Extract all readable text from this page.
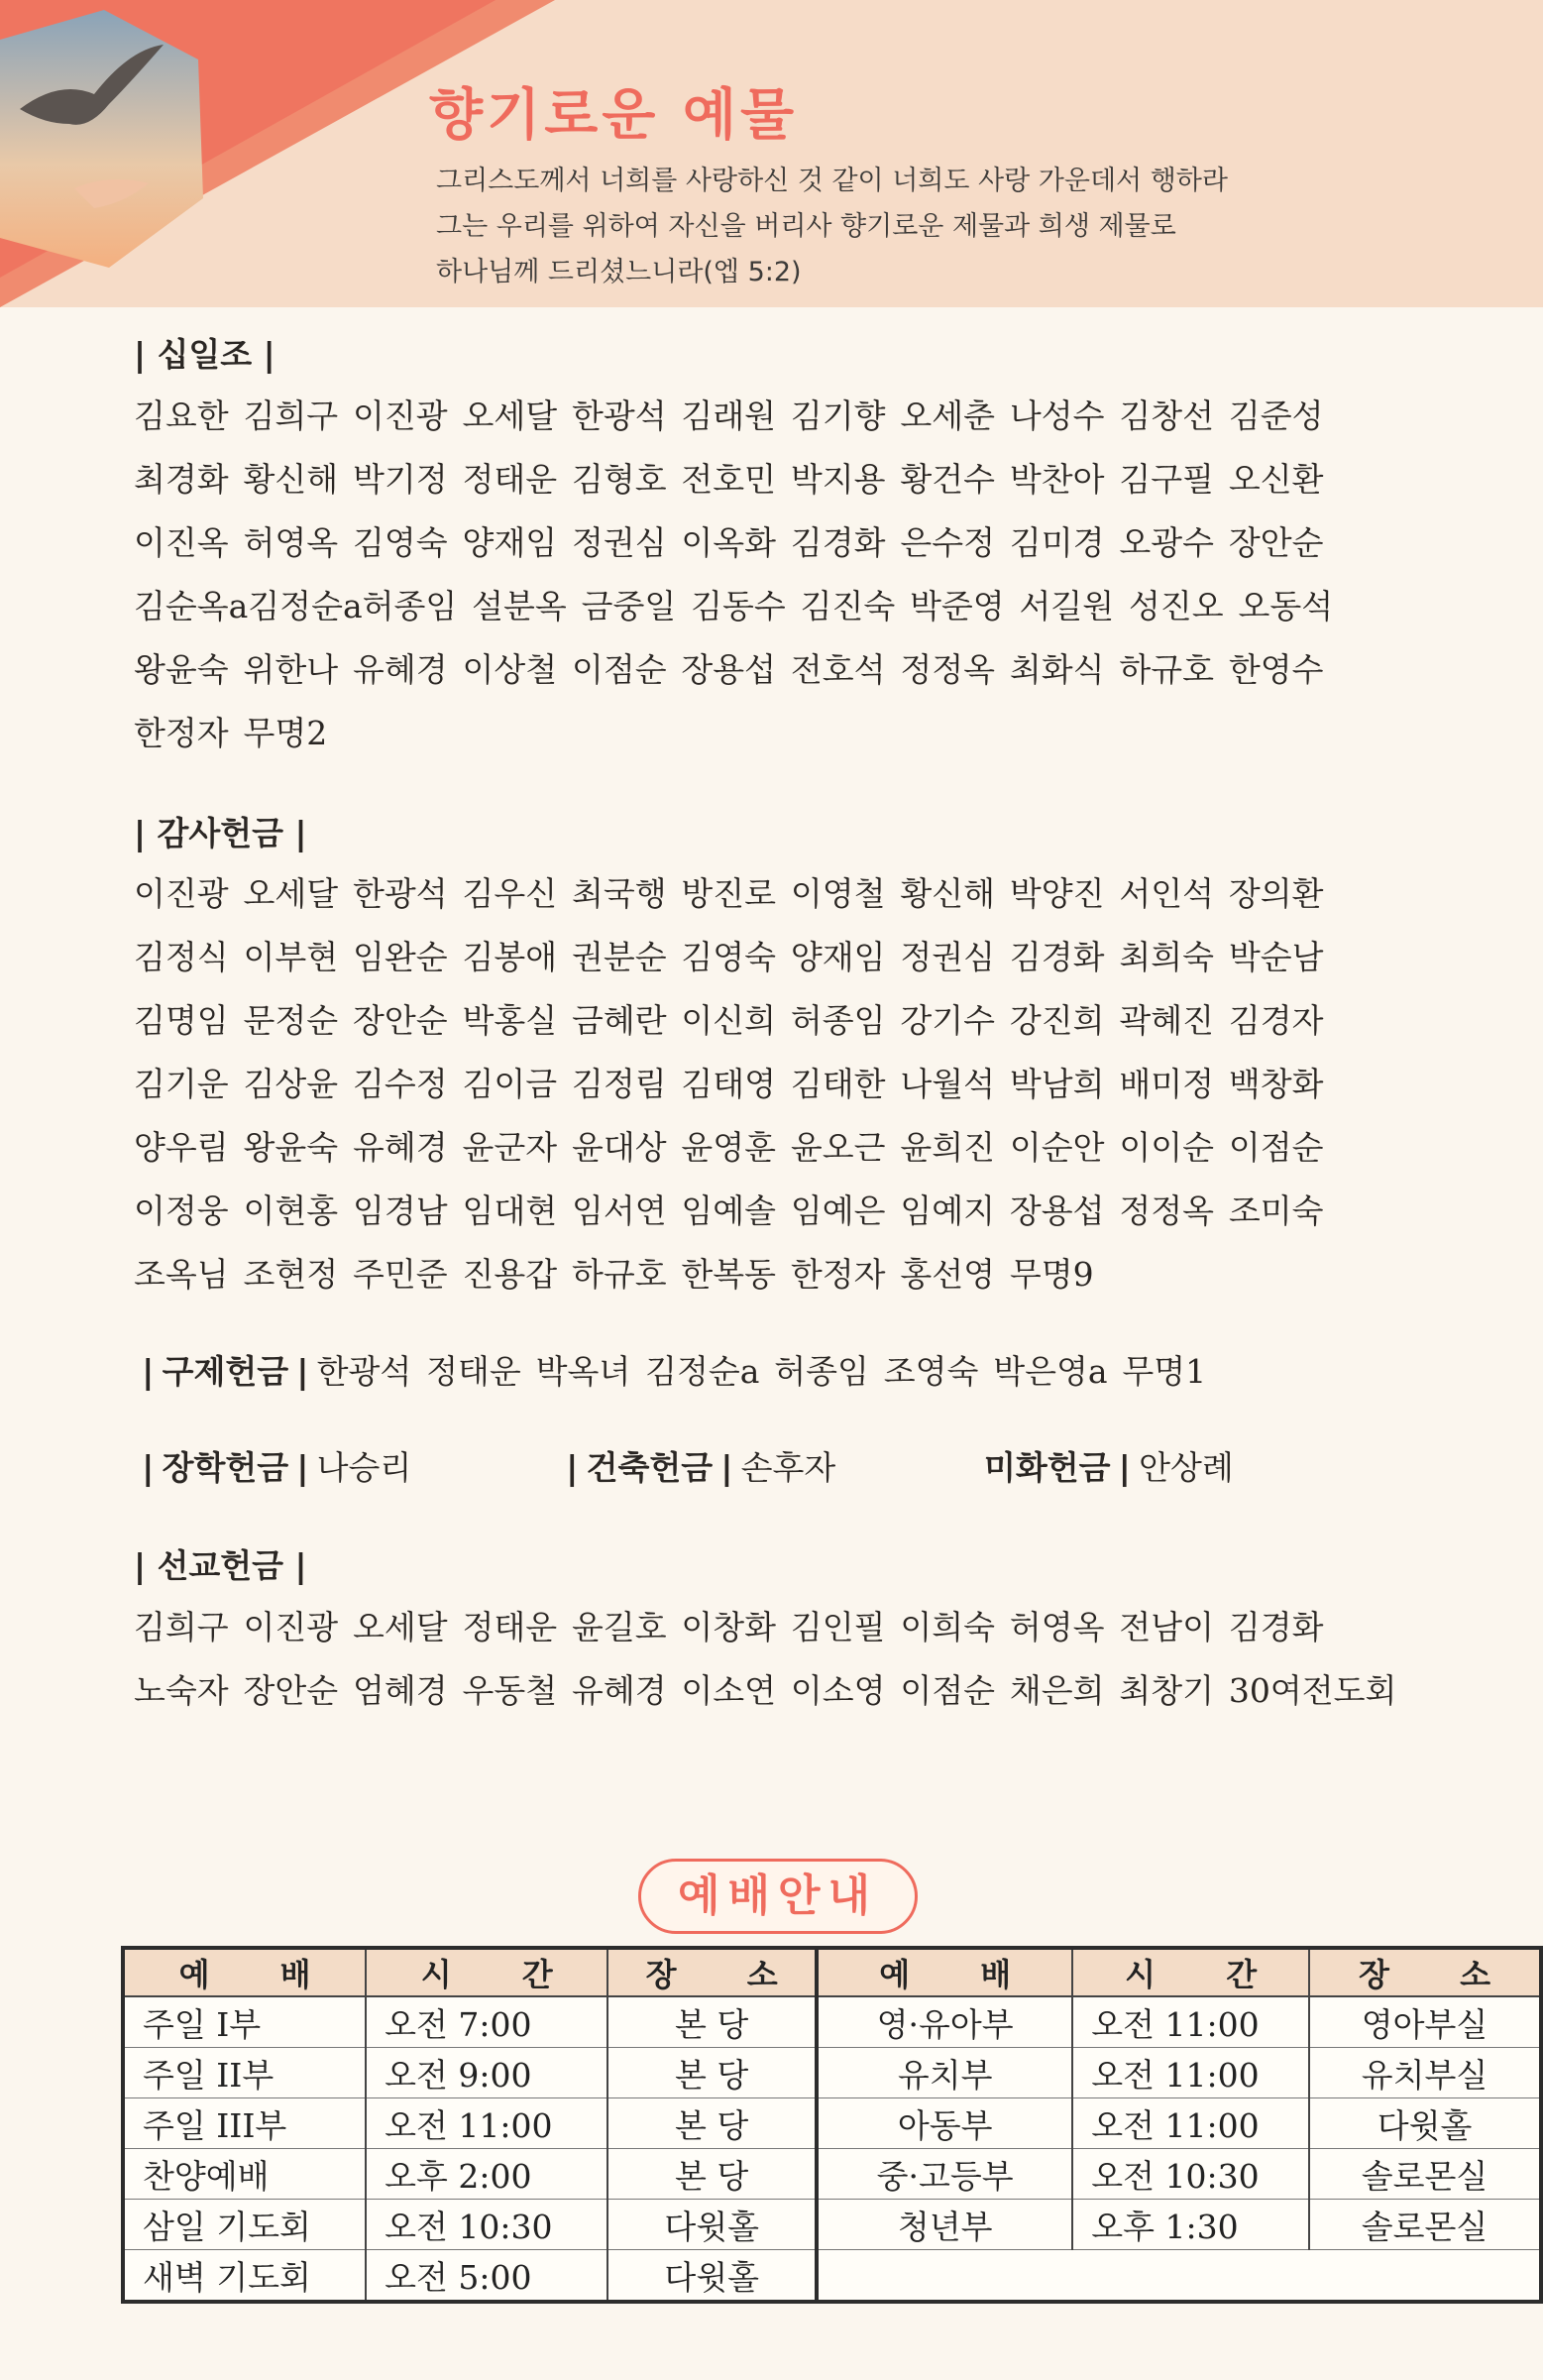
향기로운 예물
그리스도께서 너희를 사랑하신 것 같이 너희도 사랑 가운데서 행하라
그는 우리를 위하여 자신을 버리사 향기로운 제물과 희생 제물로
하나님께 드리셨느니라(엡 5:2)
| 십일조 |
김요한 김희구 이진광 오세달 한광석 김래원 김기향 오세춘 나성수 김창선 김준성
최경화 황신해 박기정 정태운 김형호 전호민 박지용 황건수 박찬아 김구필 오신환
이진옥 허영옥 김영숙 양재임 정권심 이옥화 김경화 은수정 김미경 오광수 장안순
김순옥a김정순a허종임 설분옥 금중일 김동수 김진숙 박준영 서길원 성진오 오동석
왕윤숙 위한나 유혜경 이상철 이점순 장용섭 전호석 정정옥 최화식 하규호 한영수
한정자 무명2
| 감사헌금 |
이진광 오세달 한광석 김우신 최국행 방진로 이영철 황신해 박양진 서인석 장의환
김정식 이부현 임완순 김봉애 권분순 김영숙 양재임 정권심 김경화 최희숙 박순남
김명임 문정순 장안순 박홍실 금혜란 이신희 허종임 강기수 강진희 곽혜진 김경자
김기운 김상윤 김수정 김이금 김정림 김태영 김태한 나월석 박남희 배미정 백창화
양우림 왕윤숙 유혜경 윤군자 윤대상 윤영훈 윤오근 윤희진 이순안 이이순 이점순
이정웅 이현홍 임경남 임대현 임서연 임예솔 임예은 임예지 장용섭 정정옥 조미숙
조옥님 조현정 주민준 진용갑 하규호 한복동 한정자 홍선영 무명9
| 구제헌금 | 한광석 정태운 박옥녀 김정순a 허종임 조영숙 박은영a 무명1
| 장학헌금 | 나승리	| 건축헌금 | 손후자	미화헌금 | 안상례
| 선교헌금 |
김희구 이진광 오세달 정태운 윤길호 이창화 김인필 이희숙 허영옥 전남이 김경화
노숙자 장안순 엄혜경 우동철 유혜경 이소연 이소영 이점순 채은희 최창기 30여전도회
예배안내
예 배	시 간	장 소	예 배	시 간	장 소
주일 I부	오전 7:00	본 당	영·유아부	오전 11:00	영아부실
주일 II부	오전 9:00	본 당	유치부	오전 11:00	유치부실
주일 III부	오전 11:00	본 당	아동부	오전 11:00	다윗홀
찬양예배	오후 2:00	본 당	중·고등부	오전 10:30	솔로몬실
삼일 기도회	오전 10:30	다윗홀	청년부	오후 1:30	솔로몬실
새벽 기도회	오전 5:00	다윗홀			
